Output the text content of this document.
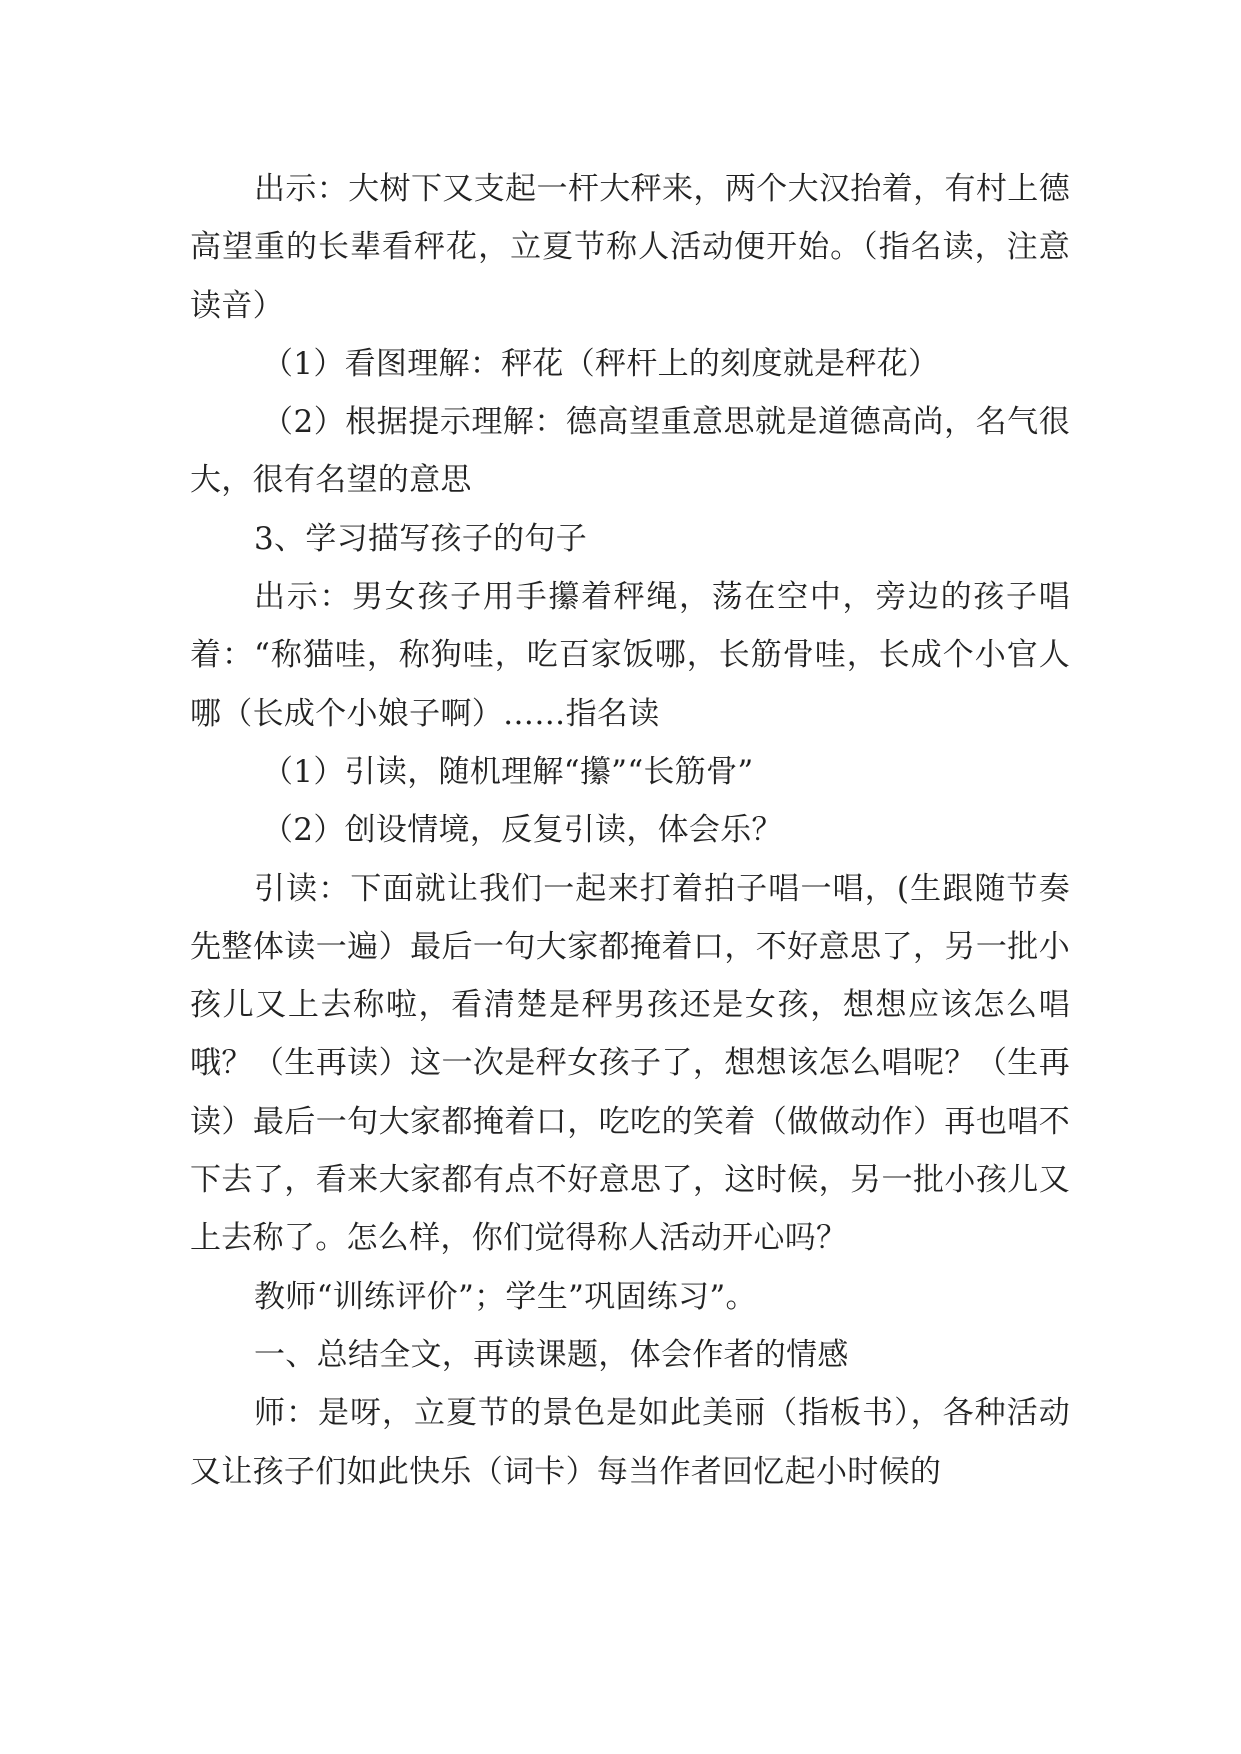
出示：大树下又支起一杆大秤来，两个大汉抬着，有村上德高望重的长辈看秤花，立夏节称人活动便开始。（指名读，注意读音）

（1）看图理解：秤花（秤杆上的刻度就是秤花）

（2）根据提示理解：德高望重意思就是道德高尚，名气很大，很有名望的意思

3、学习描写孩子的句子

出示：男女孩子用手攥着秤绳，荡在空中，旁边的孩子唱着：“称猫哇，称狗哇，吃百家饭哪，长筋骨哇，长成个小官人哪（长成个小娘子啊）……指名读

（1）引读，随机理解“攥”“长筋骨”

（2）创设情境，反复引读，体会乐？

引读：下面就让我们一起来打着拍子唱一唱，(生跟随节奏先整体读一遍）最后一句大家都掩着口，不好意思了，另一批小孩儿又上去称啦，看清楚是秤男孩还是女孩，想想应该怎么唱哦？（生再读）这一次是秤女孩子了，想想该怎么唱呢？（生再读）最后一句大家都掩着口，吃吃的笑着（做做动作）再也唱不下去了，看来大家都有点不好意思了，这时候，另一批小孩儿又上去称了。怎么样，你们觉得称人活动开心吗？

教师“训练评价”；学生”巩固练习”。

一、总结全文，再读课题，体会作者的情感

师：是呀，立夏节的景色是如此美丽（指板书），各种活动又让孩子们如此快乐（词卡）每当作者回忆起小时候的
